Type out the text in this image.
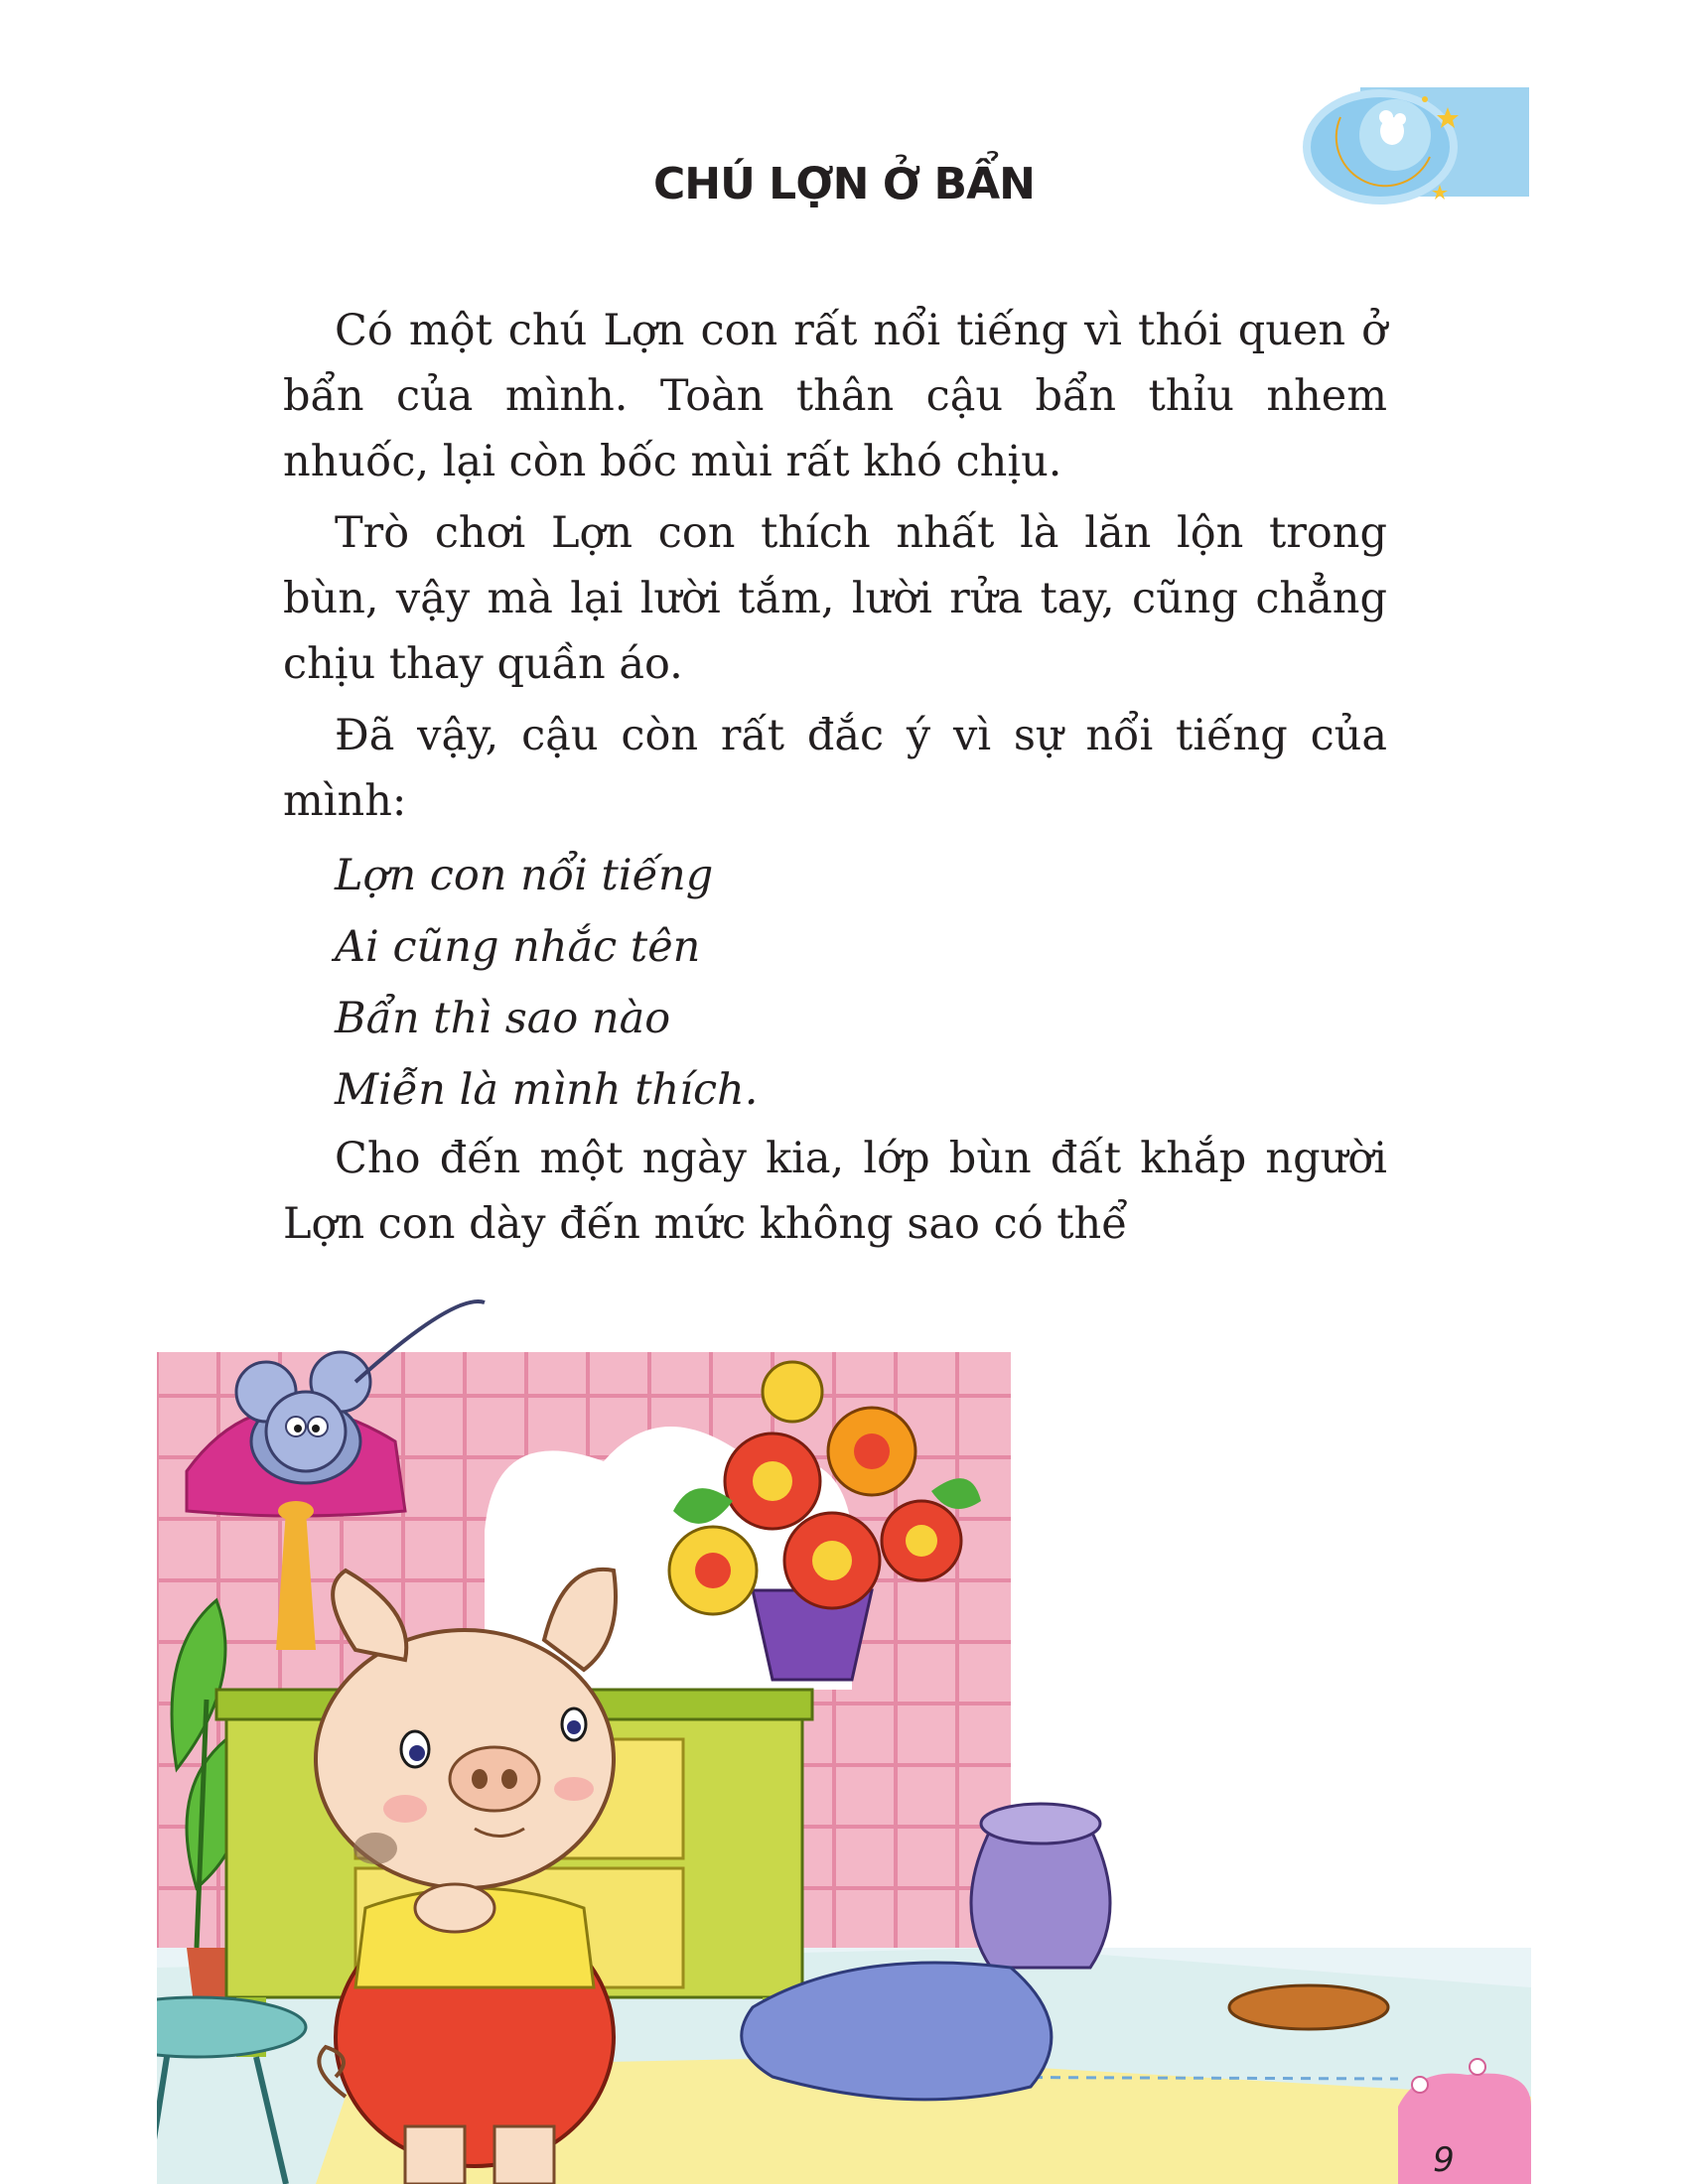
CHÚ LỢN Ở BẨN

Có một chú Lợn con rất nổi tiếng vì thói quen ở bẩn của mình. Toàn thân cậu bẩn thỉu nhem nhuốc, lại còn bốc mùi rất khó chịu.

Trò chơi Lợn con thích nhất là lăn lộn trong bùn, vậy mà lại lười tắm, lười rửa tay, cũng chẳng chịu thay quần áo.

Đã vậy, cậu còn rất đắc ý vì sự nổi tiếng của mình:

Lợn con nổi tiếng

Ai cũng nhắc tên

Bẩn thì sao nào

Miễn là mình thích.

Cho đến một ngày kia, lớp bùn đất khắp người Lợn con dày đến mức không sao có thể

9
